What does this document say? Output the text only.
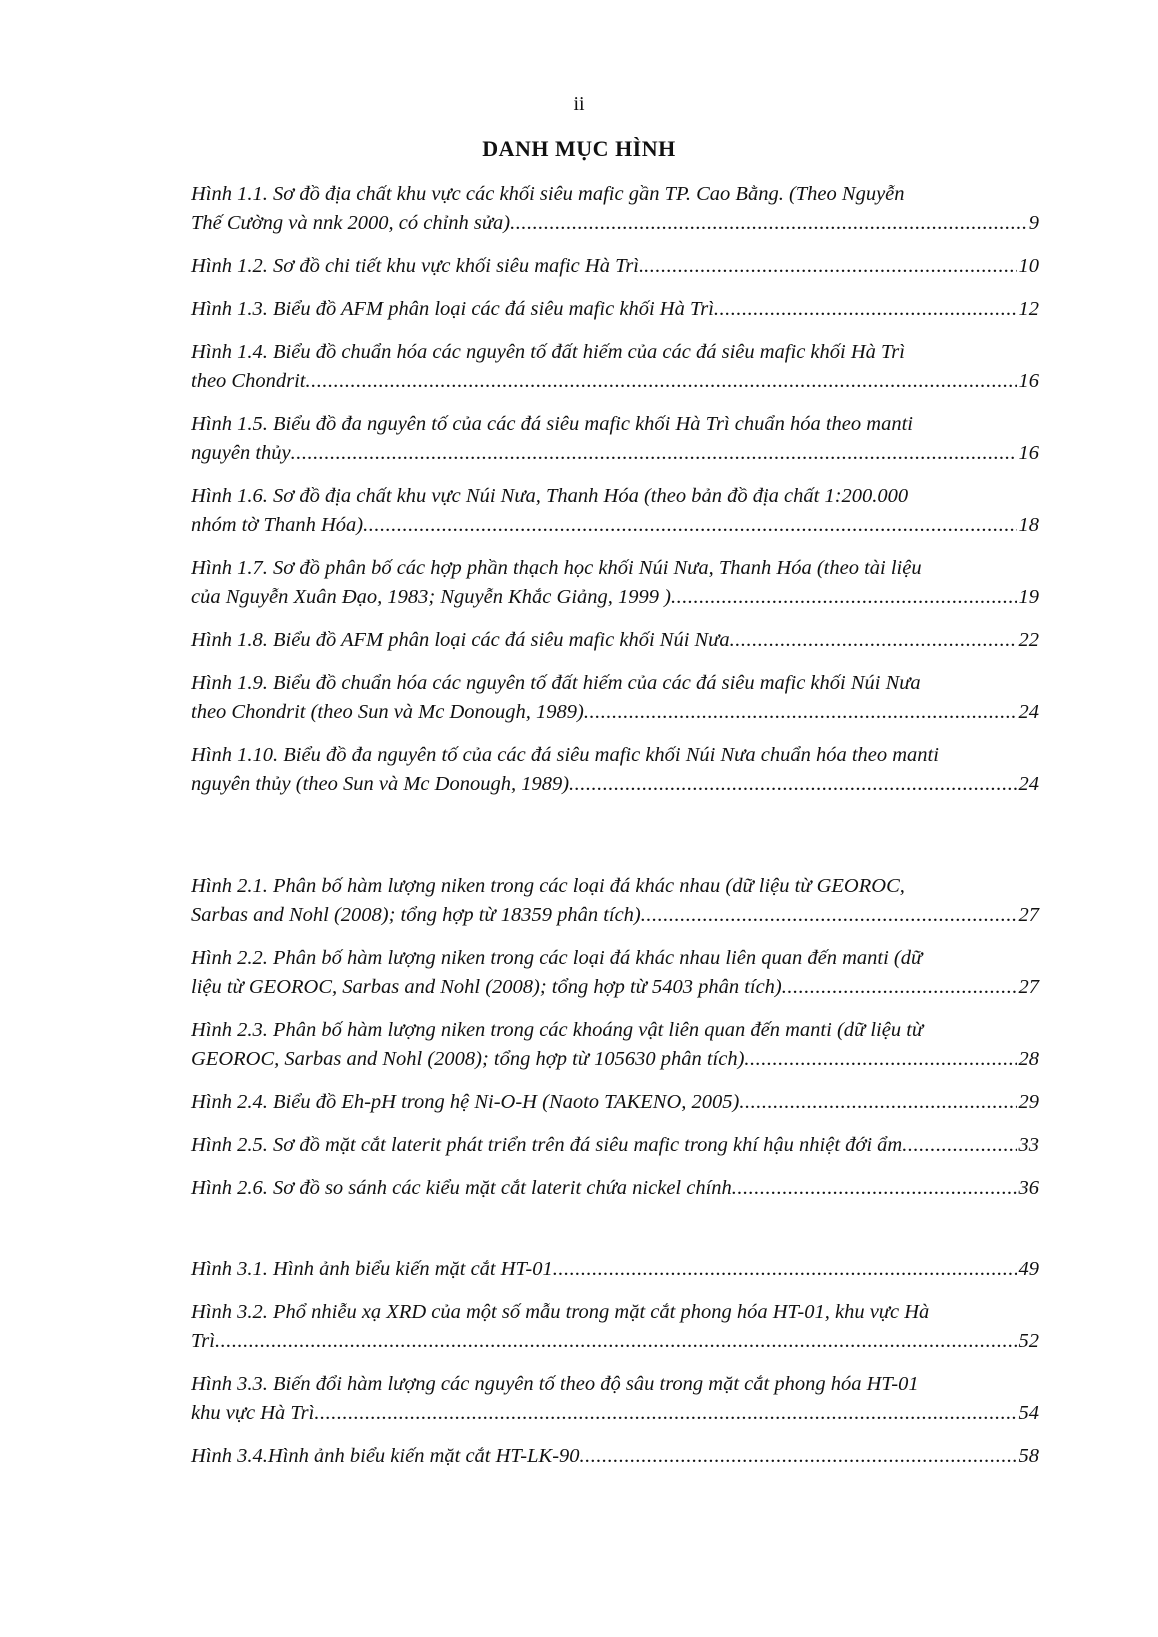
ii
DANH MỤC HÌNH
Hình 1.1. Sơ đồ địa chất khu vực các khối siêu mafic gần TP. Cao Bằng. (Theo Nguyễn
Thế Cường và nnk 2000, có chỉnh sửa) .....	9
Hình 1.2. Sơ đồ chi tiết khu vực khối siêu mafic Hà Trì. .....	10
Hình 1.3. Biểu đồ AFM phân loại các đá siêu mafic khối Hà Trì .....	12
Hình 1.4. Biểu đồ chuẩn hóa các nguyên tố đất hiếm của các đá siêu mafic khối Hà Trì
theo Chondrit .....	16
Hình 1.5. Biểu đồ đa nguyên tố của các đá siêu mafic khối Hà Trì chuẩn hóa theo manti
nguyên thủy .....	16
Hình 1.6. Sơ đồ địa chất khu vực Núi Nưa, Thanh Hóa (theo bản đồ địa chất 1:200.000
nhóm tờ Thanh Hóa) .....	18
Hình 1.7. Sơ đồ phân bố các hợp phần thạch học khối Núi Nưa, Thanh Hóa (theo tài liệu
của Nguyễn Xuân Đạo, 1983; Nguyễn Khắc Giảng, 1999 ) .....	19
Hình 1.8. Biểu đồ AFM phân loại các đá siêu mafic khối Núi Nưa .....	22
Hình 1.9. Biểu đồ chuẩn hóa các nguyên tố đất hiếm của các đá siêu mafic khối Núi Nưa
theo Chondrit (theo Sun và Mc Donough, 1989) .....	24
Hình 1.10. Biểu đồ đa nguyên tố của các đá siêu mafic khối Núi Nưa chuẩn hóa theo manti
nguyên thủy (theo Sun và Mc Donough, 1989) .....	24
Hình 2.1. Phân bố hàm lượng niken trong các loại đá khác nhau (dữ liệu từ GEOROC,
Sarbas and Nohl (2008); tổng hợp từ 18359 phân tích) .....	27
Hình 2.2. Phân bố hàm lượng niken trong các loại đá khác nhau liên quan đến manti (dữ
liệu từ GEOROC, Sarbas and Nohl (2008); tổng hợp từ 5403 phân tích) .....	27
Hình 2.3. Phân bố hàm lượng niken trong các khoáng vật liên quan đến manti (dữ liệu từ
GEOROC, Sarbas and Nohl (2008); tổng hợp từ 105630 phân tích) .....	28
Hình 2.4. Biểu đồ Eh-pH trong hệ Ni-O-H (Naoto TAKENO, 2005) .....	29
Hình 2.5. Sơ đồ mặt cắt laterit phát triển trên đá siêu mafic trong khí hậu nhiệt đới ẩm .....	33
Hình 2.6. Sơ đồ so sánh các kiểu mặt cắt laterit chứa nickel chính .....	36
Hình 3.1. Hình ảnh biểu kiến mặt cắt HT-01 .....	49
Hình 3.2. Phổ nhiễu xạ XRD của một số mẫu trong mặt cắt phong hóa HT-01, khu vực Hà
Trì .....	52
Hình 3.3. Biến đổi hàm lượng các nguyên tố theo độ sâu trong mặt cắt phong hóa HT-01
khu vực Hà Trì .....	54
Hình 3.4.Hình ảnh biểu kiến mặt cắt HT-LK-90 .....	58
